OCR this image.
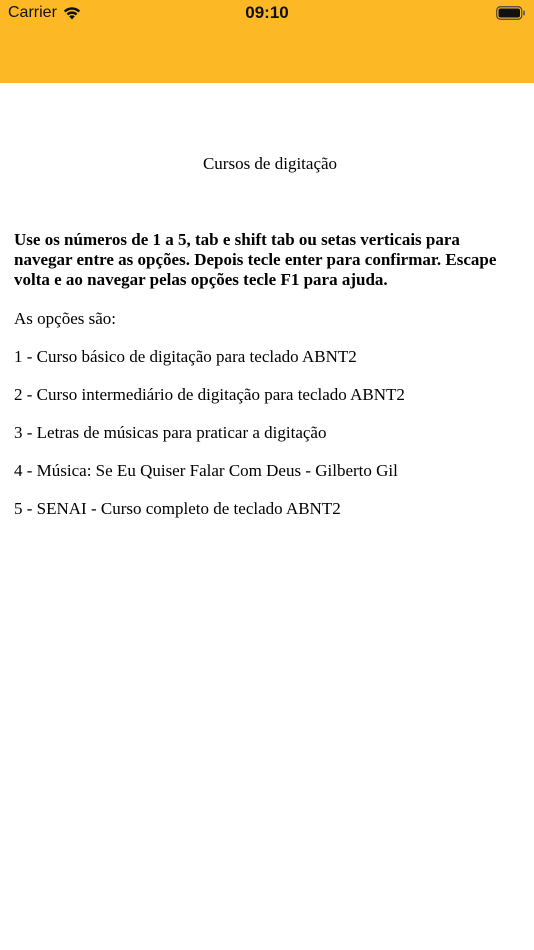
Carrier	09:10
Cursos de digitação

Use os números de 1 a 5, tab e shift tab ou setas verticais para navegar entre as opções. Depois tecle enter para confirmar. Escape volta e ao navegar pelas opções tecle F1 para ajuda.

As opções são:

1 - Curso básico de digitação para teclado ABNT2
2 - Curso intermediário de digitação para teclado ABNT2
3 - Letras de músicas para praticar a digitação
4 - Música: Se Eu Quiser Falar Com Deus - Gilberto Gil
5 - SENAI - Curso completo de teclado ABNT2
